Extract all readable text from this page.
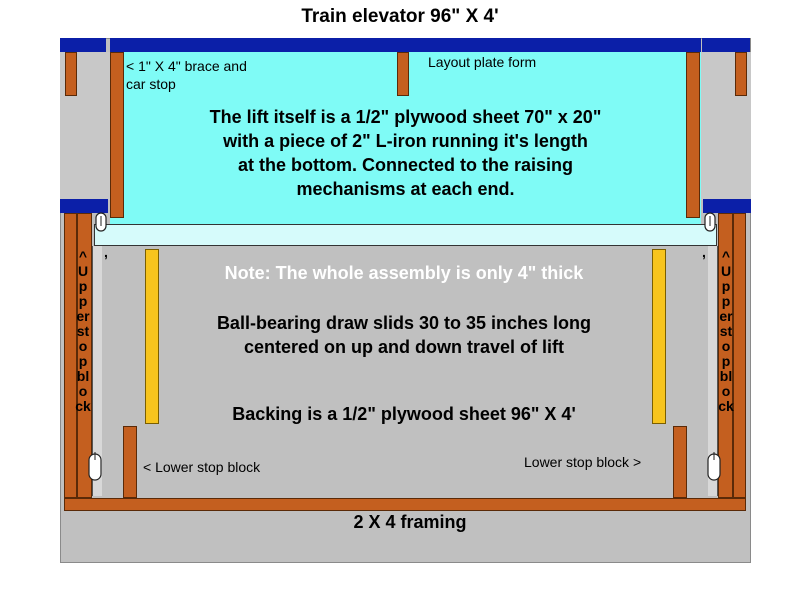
Train elevator 96" X 4'
,	,
< 1" X 4" brace and car stop
Layout plate form
The lift itself is a 1/2" plywood sheet 70" x 20"
with a piece of 2" L-iron running it's length
at the bottom. Connected to the raising
mechanisms at each end.
Note: The whole assembly is only 4" thick
Ball-bearing draw slids 30 to 35 inches long
centered on up and down travel of lift
Backing is a 1/2" plywood sheet 96" X 4'
< Lower stop block	Lower stop block >
^Upper stop block
^Upper stop block
2 X 4 framing
